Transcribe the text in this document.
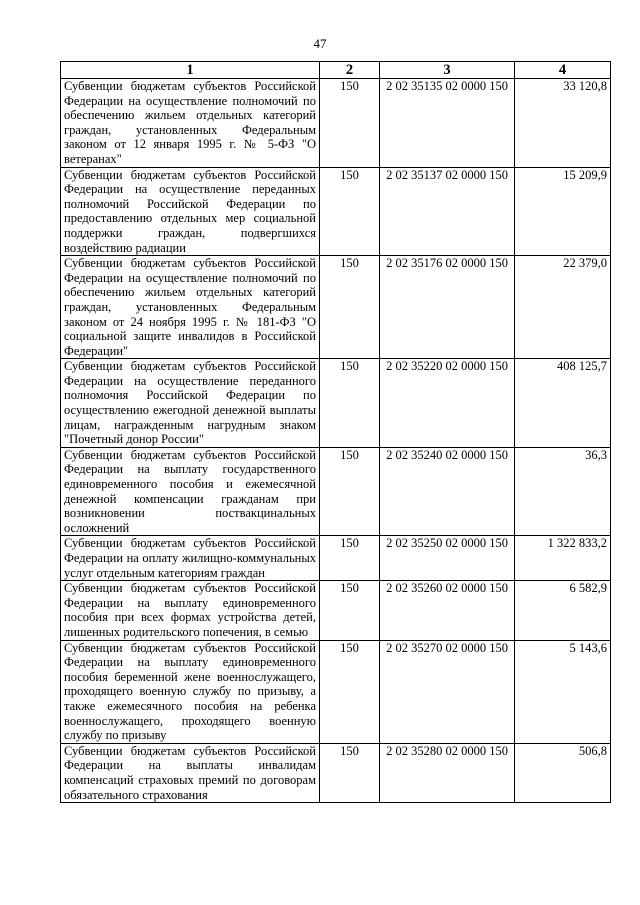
47
1	2	3	4
Субвенции бюджетам субъектов Российской Федерации на осуществление полномочий по обеспечению жильем отдельных категорий граждан, установленных Федеральным законом от 12 января 1995 г. № 5-ФЗ "О ветеранах"	150	2 02 35135 02 0000 150	33 120,8
Субвенции бюджетам субъектов Российской Федерации на осуществление переданных полномочий Российской Федерации по предоставлению отдельных мер социальной поддержки граждан, подвергшихся воздействию радиации	150	2 02 35137 02 0000 150	15 209,9
Субвенции бюджетам субъектов Российской Федерации на осуществление полномочий по обеспечению жильем отдельных категорий граждан, установленных Федеральным законом от 24 ноября 1995 г. № 181-ФЗ "О социальной защите инвалидов в Российской Федерации"	150	2 02 35176 02 0000 150	22 379,0
Субвенции бюджетам субъектов Российской Федерации на осуществление переданного полномочия Российской Федерации по осуществлению ежегодной денежной выплаты лицам, награжденным нагрудным знаком "Почетный донор России"	150	2 02 35220 02 0000 150	408 125,7
Субвенции бюджетам субъектов Российской Федерации на выплату государственного единовременного пособия и ежемесячной денежной компенсации гражданам при возникновении поствакцинальных осложнений	150	2 02 35240 02 0000 150	36,3
Субвенции бюджетам субъектов Российской Федерации на оплату жилищно-коммунальных услуг отдельным категориям граждан	150	2 02 35250 02 0000 150	1 322 833,2
Субвенции бюджетам субъектов Российской Федерации на выплату единовременного пособия при всех формах устройства детей, лишенных родительского попечения, в семью	150	2 02 35260 02 0000 150	6 582,9
Субвенции бюджетам субъектов Российской Федерации на выплату единовременного пособия беременной жене военнослужащего, проходящего военную службу по призыву, а также ежемесячного пособия на ребенка военнослужащего, проходящего военную службу по призыву	150	2 02 35270 02 0000 150	5 143,6
Субвенции бюджетам субъектов Российской Федерации на выплаты инвалидам компенсаций страховых премий по договорам обязательного страхования	150	2 02 35280 02 0000 150	506,8
